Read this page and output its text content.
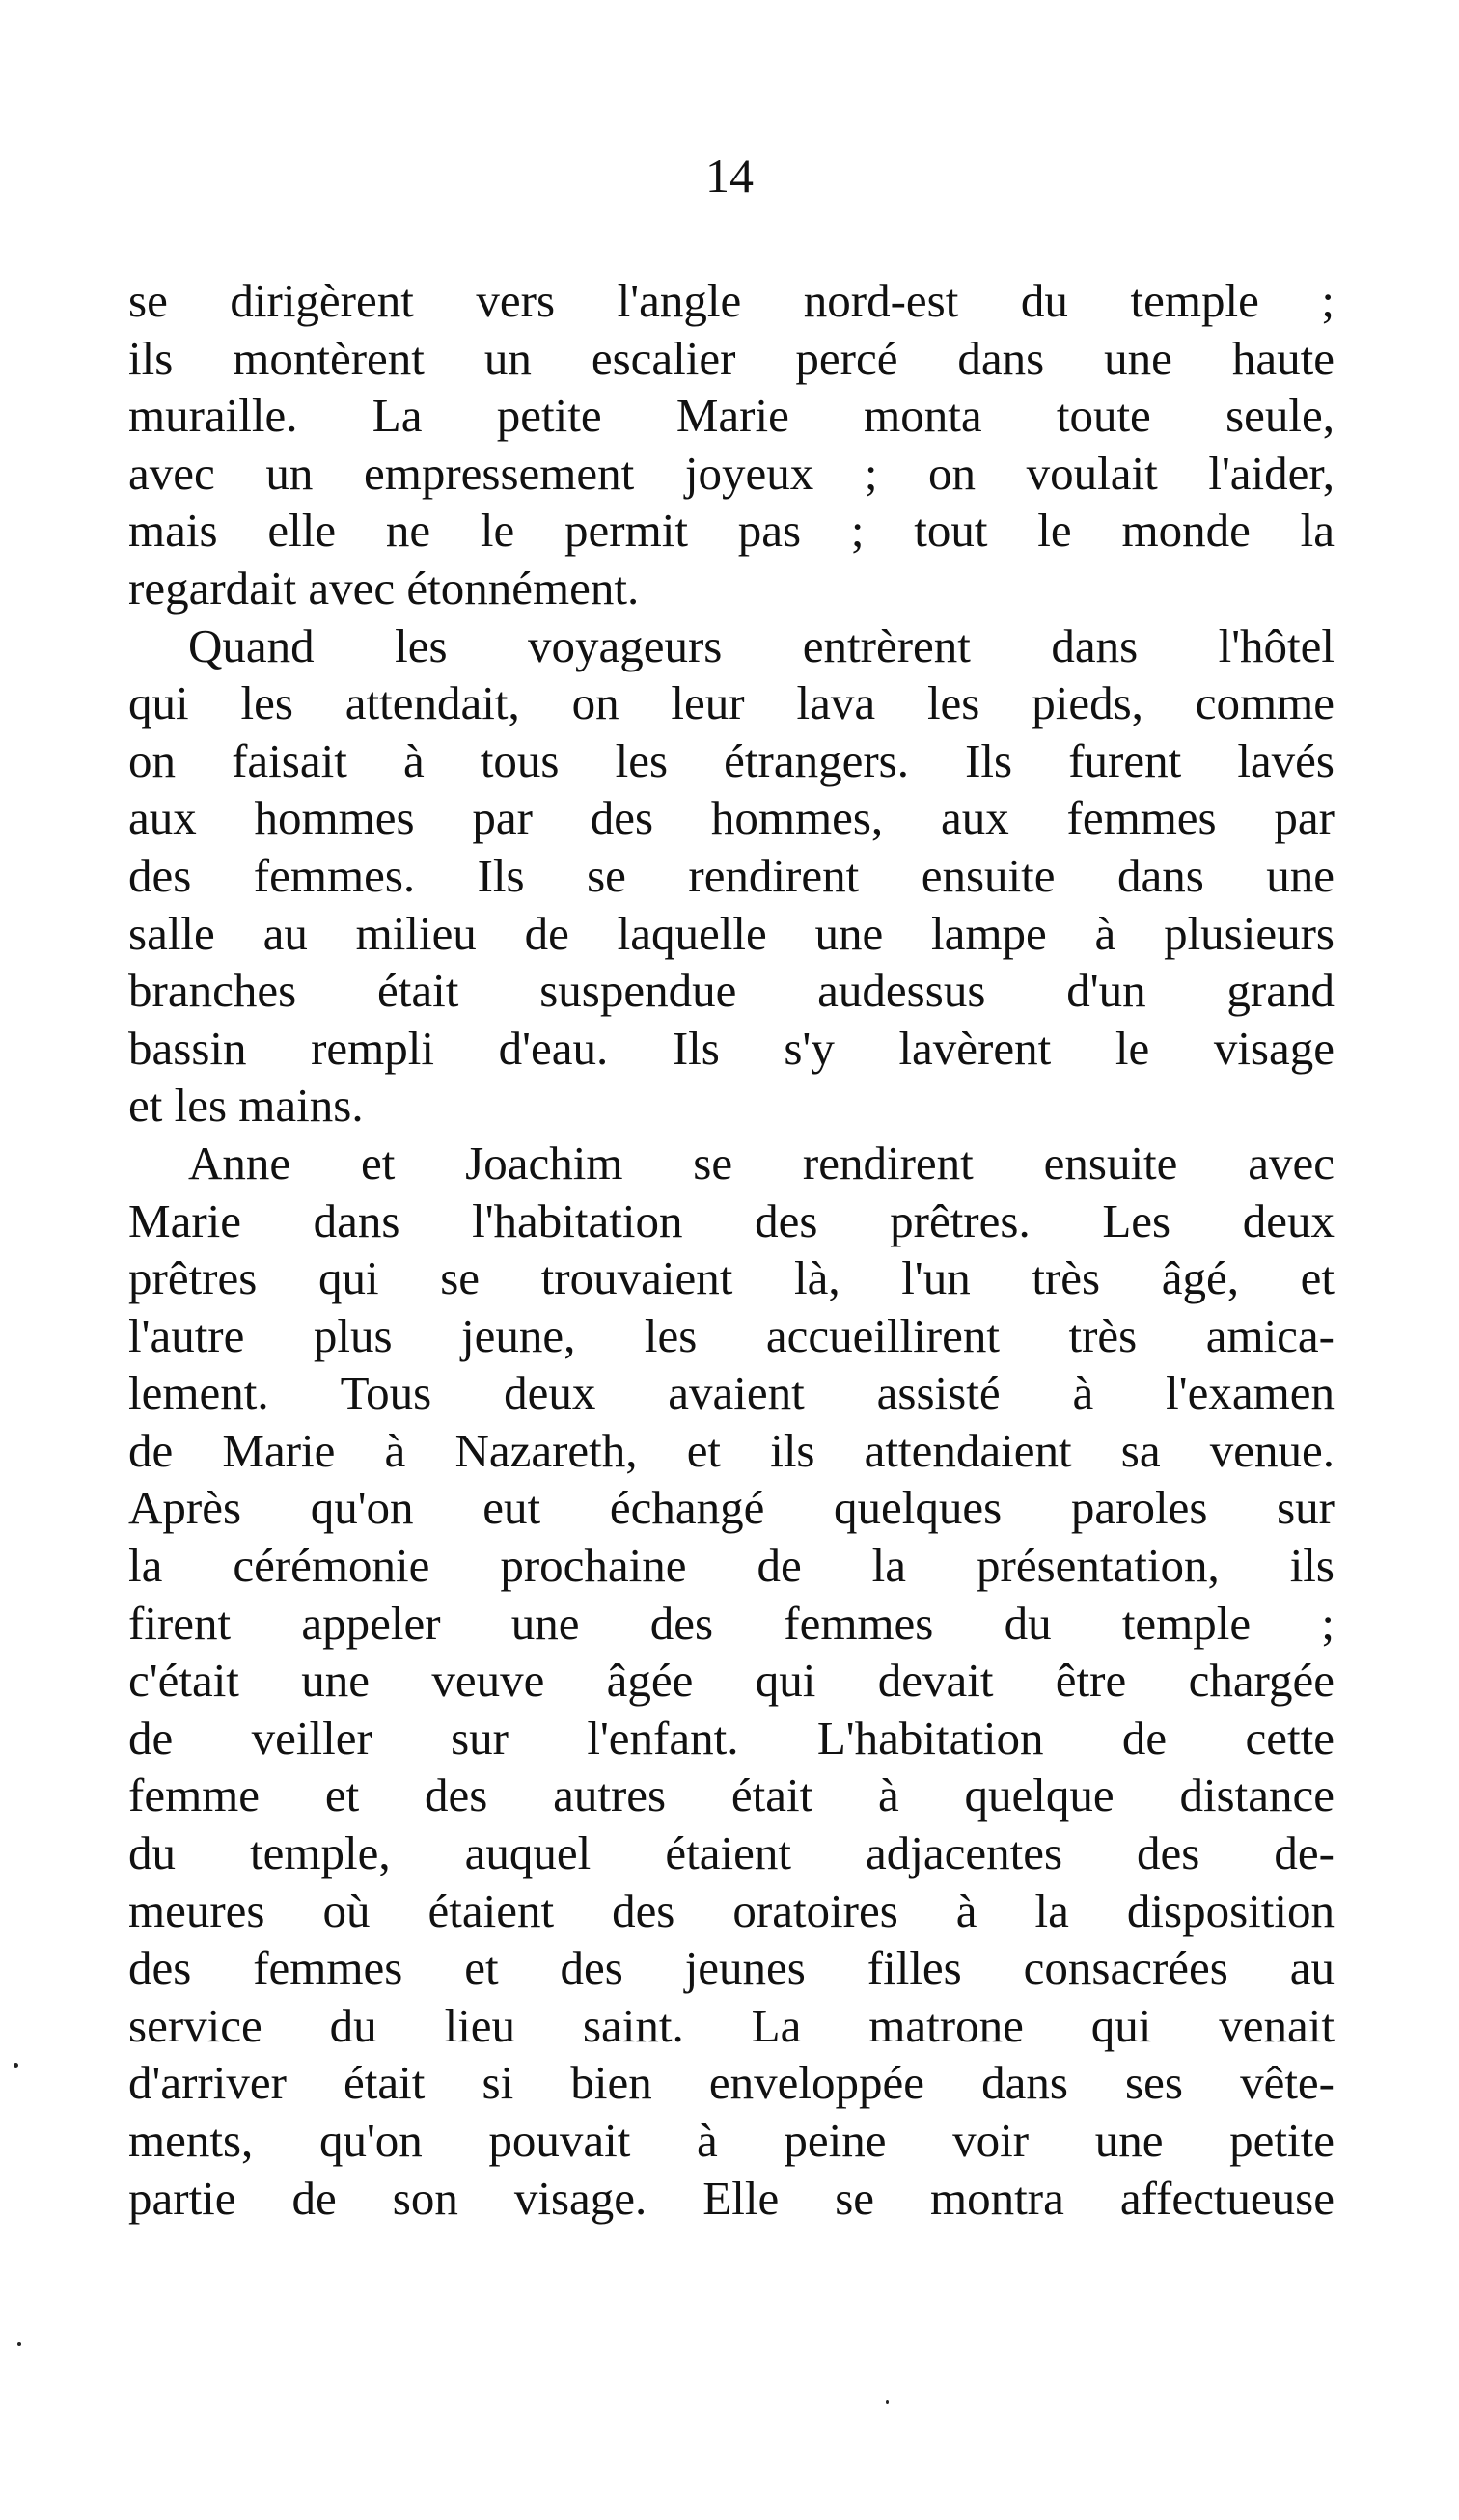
14
se dirigèrent vers l'angle nord-est du temple ;
ils montèrent un escalier percé dans une haute
muraille. La petite Marie monta toute seule,
avec un empressement joyeux ; on voulait l'aider,
mais elle ne le permit pas ; tout le monde la
regardait avec étonnément.
Quand les voyageurs entrèrent dans l'hôtel
qui les attendait, on leur lava les pieds, comme
on faisait à tous les étrangers. Ils furent lavés
aux hommes par des hommes, aux femmes par
des femmes. Ils se rendirent ensuite dans une
salle au milieu de laquelle une lampe à plusieurs
branches était suspendue audessus d'un grand
bassin rempli d'eau. Ils s'y lavèrent le visage
et les mains.
Anne et Joachim se rendirent ensuite avec
Marie dans l'habitation des prêtres. Les deux
prêtres qui se trouvaient là, l'un très âgé, et
l'autre plus jeune, les accueillirent très amica-
lement. Tous deux avaient assisté à l'examen
de Marie à Nazareth, et ils attendaient sa venue.
Après qu'on eut échangé quelques paroles sur
la cérémonie prochaine de la présentation, ils
firent appeler une des femmes du temple ;
c'était une veuve âgée qui devait être chargée
de veiller sur l'enfant. L'habitation de cette
femme et des autres était à quelque distance
du temple, auquel étaient adjacentes des de-
meures où étaient des oratoires à la disposition
des femmes et des jeunes filles consacrées au
service du lieu saint. La matrone qui venait
d'arriver était si bien enveloppée dans ses vête-
ments, qu'on pouvait à peine voir une petite
partie de son visage. Elle se montra affectueuse
